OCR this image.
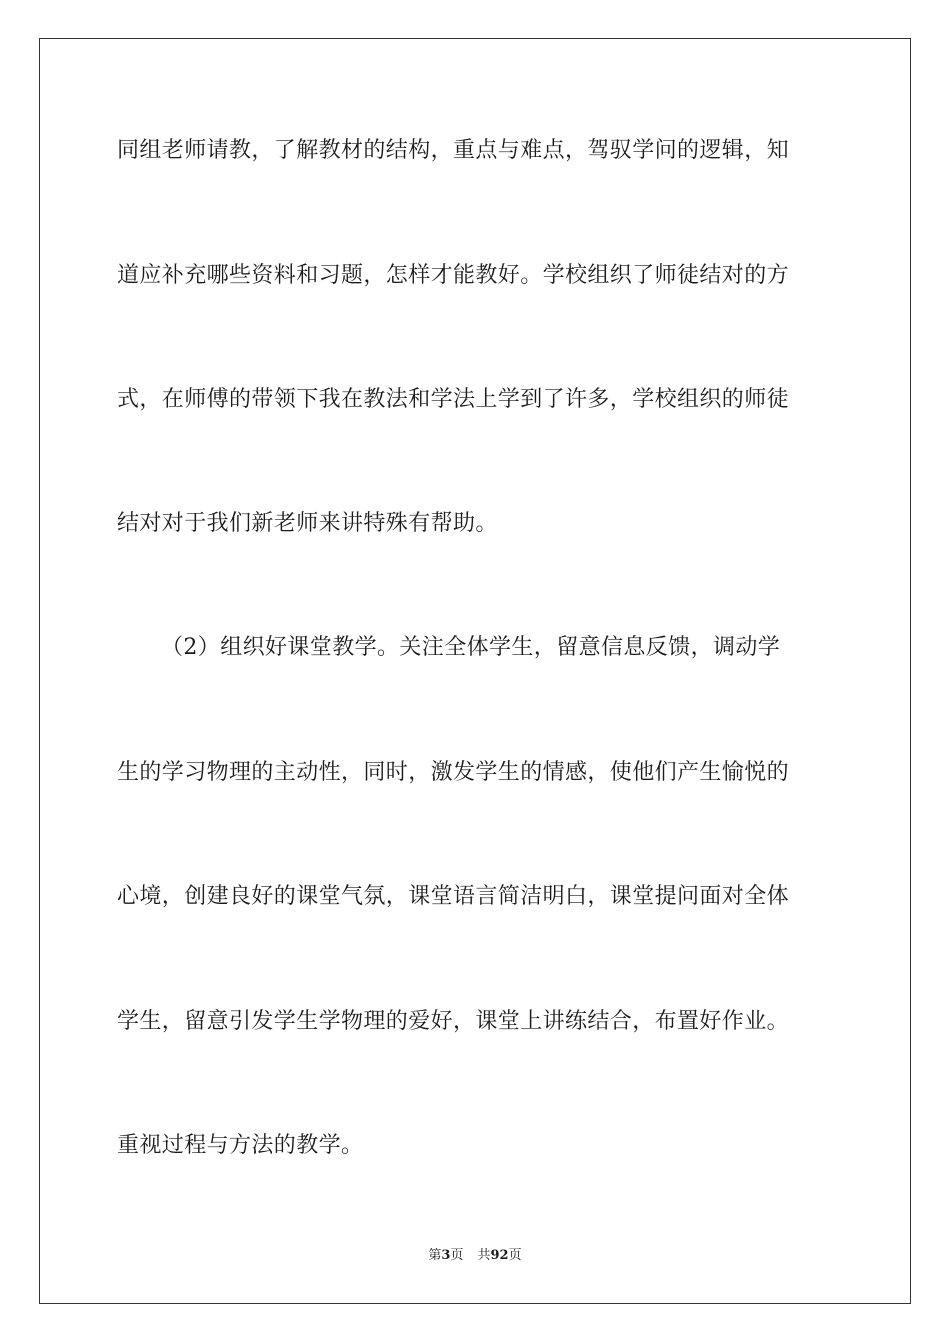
同组老师请教，了解教材的结构，重点与难点，驾驭学问的逻辑，知
道应补充哪些资料和习题，怎样才能教好。学校组织了师徒结对的方
式，在师傅的带领下我在教法和学法上学到了许多，学校组织的师徒
结对对于我们新老师来讲特殊有帮助。
（2）组织好课堂教学。关注全体学生，留意信息反馈，调动学
生的学习物理的主动性，同时，激发学生的情感，使他们产生愉悦的
心境，创建良好的课堂气氛，课堂语言简洁明白，课堂提问面对全体
学生，留意引发学生学物理的爱好，课堂上讲练结合，布置好作业。
重视过程与方法的教学。
第3页 共92页
